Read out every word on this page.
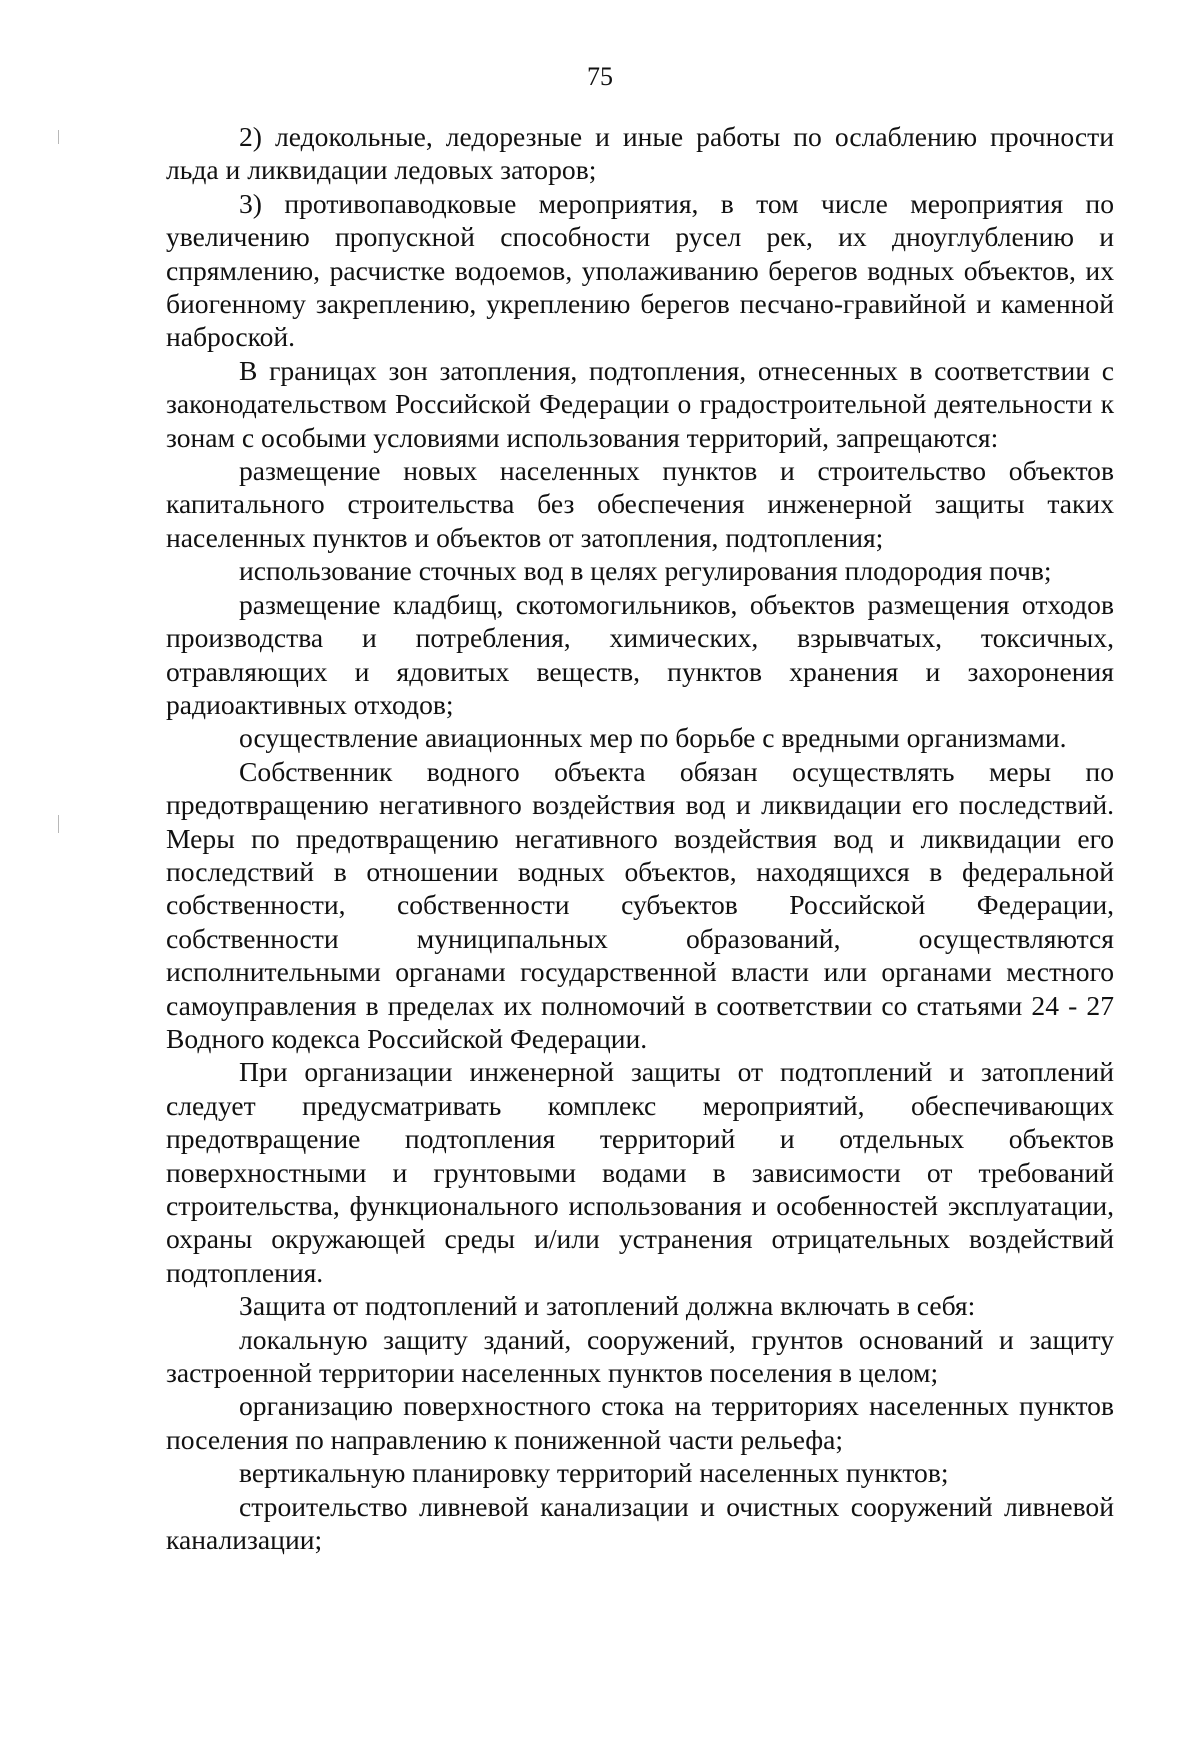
75

2) ледокольные, ледорезные и иные работы по ослаблению прочности льда и ликвидации ледовых заторов;

3) противопаводковые мероприятия, в том числе мероприятия по увеличению пропускной способности русел рек, их дноуглублению и спрямлению, расчистке водоемов, уполаживанию берегов водных объектов, их биогенному закреплению, укреплению берегов песчано-гравийной и каменной наброской.

В границах зон затопления, подтопления, отнесенных в соответствии с законодательством Российской Федерации о градостроительной деятельности к зонам с особыми условиями использования территорий, запрещаются:

размещение новых населенных пунктов и строительство объектов капитального строительства без обеспечения инженерной защиты таких населенных пунктов и объектов от затопления, подтопления;

использование сточных вод в целях регулирования плодородия почв;

размещение кладбищ, скотомогильников, объектов размещения отходов производства и потребления, химических, взрывчатых, токсичных, отравляющих и ядовитых веществ, пунктов хранения и захоронения радиоактивных отходов;

осуществление авиационных мер по борьбе с вредными организмами.

Собственник водного объекта обязан осуществлять меры по предотвращению негативного воздействия вод и ликвидации его последствий. Меры по предотвращению негативного воздействия вод и ликвидации его последствий в отношении водных объектов, находящихся в федеральной собственности, собственности субъектов Российской Федерации, собственности муниципальных образований, осуществляются исполнительными органами государственной власти или органами местного самоуправления в пределах их полномочий в соответствии со статьями 24 - 27 Водного кодекса Российской Федерации.

При организации инженерной защиты от подтоплений и затоплений следует предусматривать комплекс мероприятий, обеспечивающих предотвращение подтопления территорий и отдельных объектов поверхностными и грунтовыми водами в зависимости от требований строительства, функционального использования и особенностей эксплуатации, охраны окружающей среды и/или устранения отрицательных воздействий подтопления.

Защита от подтоплений и затоплений должна включать в себя:

локальную защиту зданий, сооружений, грунтов оснований и защиту застроенной территории населенных пунктов поселения в целом;

организацию поверхностного стока на территориях населенных пунктов поселения по направлению к пониженной части рельефа;

вертикальную планировку территорий населенных пунктов;

строительство ливневой канализации и очистных сооружений ливневой канализации;
